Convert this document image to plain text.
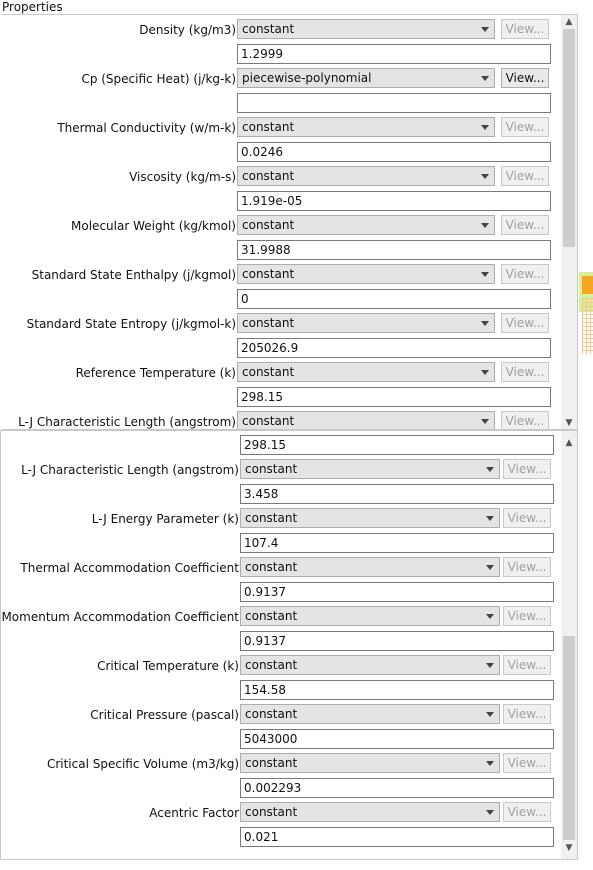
Properties
Density (kg/m3) constant	View...
1.2999
Cp (Specific Heat) (j/kg-k) piecewise-polynomial	View...
Thermal Conductivity (w/m-k) constant	View...
0.0246
Viscosity (kg/m-s) constant	View...
1.919e-05
Molecular Weight (kg/kmol) constant	View...
31.9988
Standard State Enthalpy (j/kgmol) constant	View...
0
Standard State Entropy (j/kgmol-k) constant	View...
205026.9
Reference Temperature (k) constant	View...
298.15
L-J Characteristic Length (angstrom) constant	View...
▲
▼
298.15
L-J Characteristic Length (angstrom) constant	View...
3.458
L-J Energy Parameter (k) constant	View...
107.4
Thermal Accommodation Coefficient constant	View...
0.9137
Momentum Accommodation Coefficient constant	View...
0.9137
Critical Temperature (k) constant	View...
154.58
Critical Pressure (pascal) constant	View...
5043000
Critical Specific Volume (m3/kg) constant	View...
0.002293
Acentric Factor constant	View...
0.021
▲
▼
